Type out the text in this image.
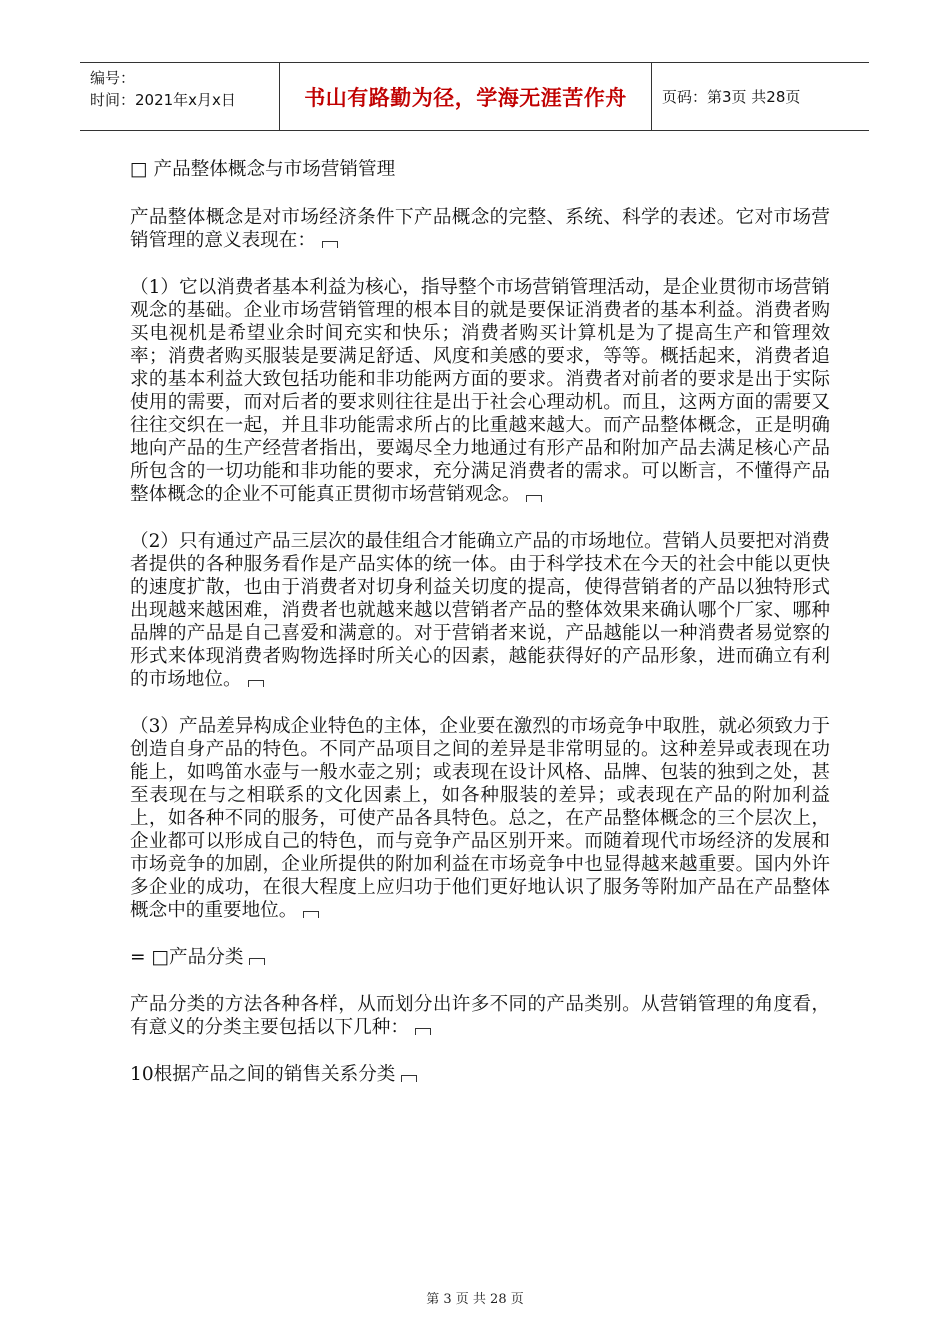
编号：
时间：2021年x月x日	书山有路勤为径，学海无涯苦作舟 页码：第3页 共28页

□ 产品整体概念与市场营销管理

产品整体概念是对市场经济条件下产品概念的完整、系统、科学的表述。它对市场营销管理的意义表现在：

（1）它以消费者基本利益为核心，指导整个市场营销管理活动，是企业贯彻市场营销观念的基础。企业市场营销管理的根本目的就是要保证消费者的基本利益。消费者购买电视机是希望业余时间充实和快乐；消费者购买计算机是为了提高生产和管理效率；消费者购买服装是要满足舒适、风度和美感的要求，等等。概括起来，消费者追求的基本利益大致包括功能和非功能两方面的要求。消费者对前者的要求是出于实际使用的需要，而对后者的要求则往往是出于社会心理动机。而且，这两方面的需要又往往交织在一起，并且非功能需求所占的比重越来越大。而产品整体概念，正是明确地向产品的生产经营者指出，要竭尽全力地通过有形产品和附加产品去满足核心产品所包含的一切功能和非功能的要求，充分满足消费者的需求。可以断言，不懂得产品整体概念的企业不可能真正贯彻市场营销观念。

（2）只有通过产品三层次的最佳组合才能确立产品的市场地位。营销人员要把对消费者提供的各种服务看作是产品实体的统一体。由于科学技术在今天的社会中能以更快的速度扩散，也由于消费者对切身利益关切度的提高，使得营销者的产品以独特形式出现越来越困难，消费者也就越来越以营销者产品的整体效果来确认哪个厂家、哪种品牌的产品是自己喜爱和满意的。对于营销者来说，产品越能以一种消费者易觉察的形式来体现消费者购物选择时所关心的因素，越能获得好的产品形象，进而确立有利的市场地位。

（3）产品差异构成企业特色的主体，企业要在激烈的市场竞争中取胜，就必须致力于创造自身产品的特色。不同产品项目之间的差异是非常明显的。这种差异或表现在功能上，如鸣笛水壶与一般水壶之别；或表现在设计风格、品牌、包装的独到之处，甚至表现在与之相联系的文化因素上，如各种服装的差异；或表现在产品的附加利益上，如各种不同的服务，可使产品各具特色。总之，在产品整体概念的三个层次上，企业都可以形成自己的特色，而与竞争产品区别开来。而随着现代市场经济的发展和市场竞争的加剧，企业所提供的附加利益在市场竞争中也显得越来越重要。国内外许多企业的成功，在很大程度上应归功于他们更好地认识了服务等附加产品在产品整体概念中的重要地位。

= □产品分类

产品分类的方法各种各样，从而划分出许多不同的产品类别。从营销管理的角度看，有意义的分类主要包括以下几种：

10根据产品之间的销售关系分类

第 3 页 共 28 页
